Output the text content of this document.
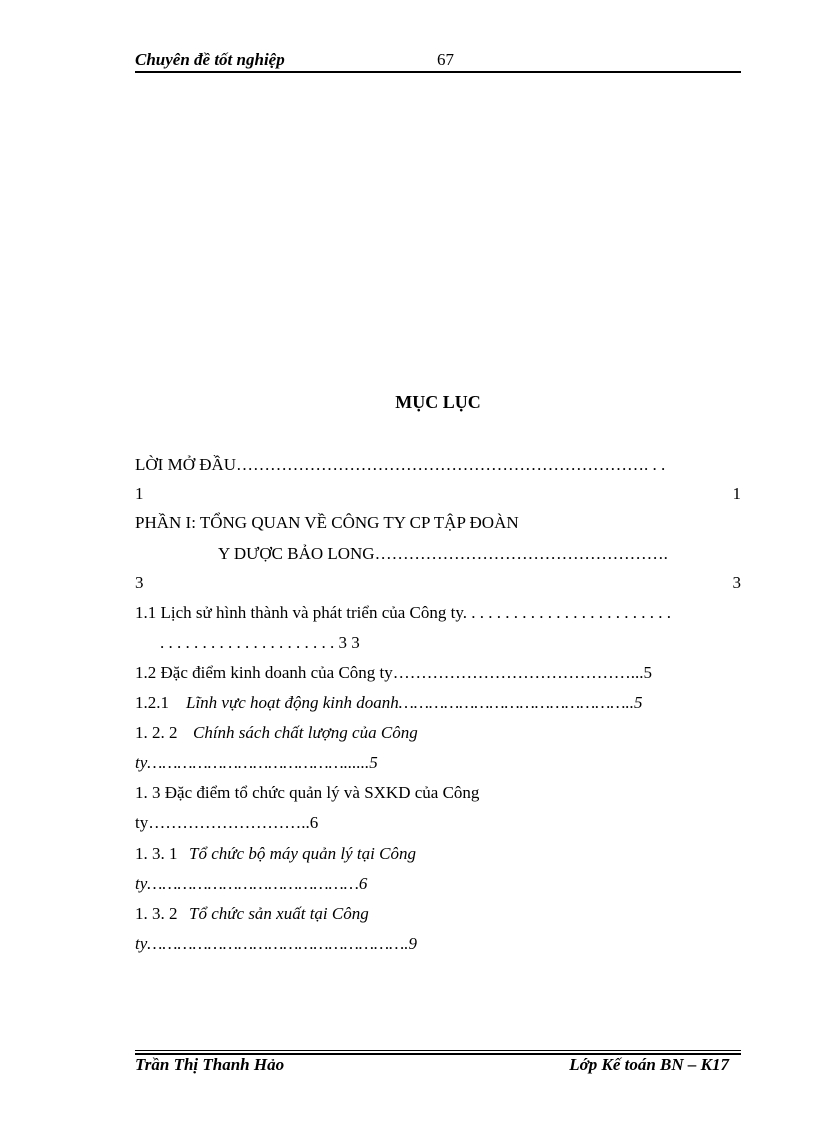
Chuyên đề tốt nghiệp	67
MỤC LỤC
LỜI MỞ ĐẦU………………………………………………………………. . .
1	1
PHẦN I: TỔNG QUAN VỀ CÔNG TY CP TẬP ĐOÀN
Y DƯỢC BẢO LONG…………………………………………….
3	3
1.1 Lịch sử hình thành và phát triển của Công ty. . . . . . . . . . . . . . . . . . . . . . . . .
. . . . . . . . . . . . . . . . . . . . . 3 3
1.2 Đặc điểm kinh doanh của Công ty……………………………………...5
1.2.1 Lĩnh vực hoạt động kinh doanh………………………………………..5
1. 2. 2 Chính sách chất lượng của Công
ty…………………………………......5
1. 3 Đặc điểm tổ chức quản lý và SXKD của Công
ty………………………..6
1. 3. 1 Tổ chức bộ máy quản lý tại Công
ty……………………………………6
1. 3. 2 Tổ chức sản xuất tại Công
ty…………………………………………….9
Trần Thị Thanh Hảo	Lớp Kế toán BN – K17
